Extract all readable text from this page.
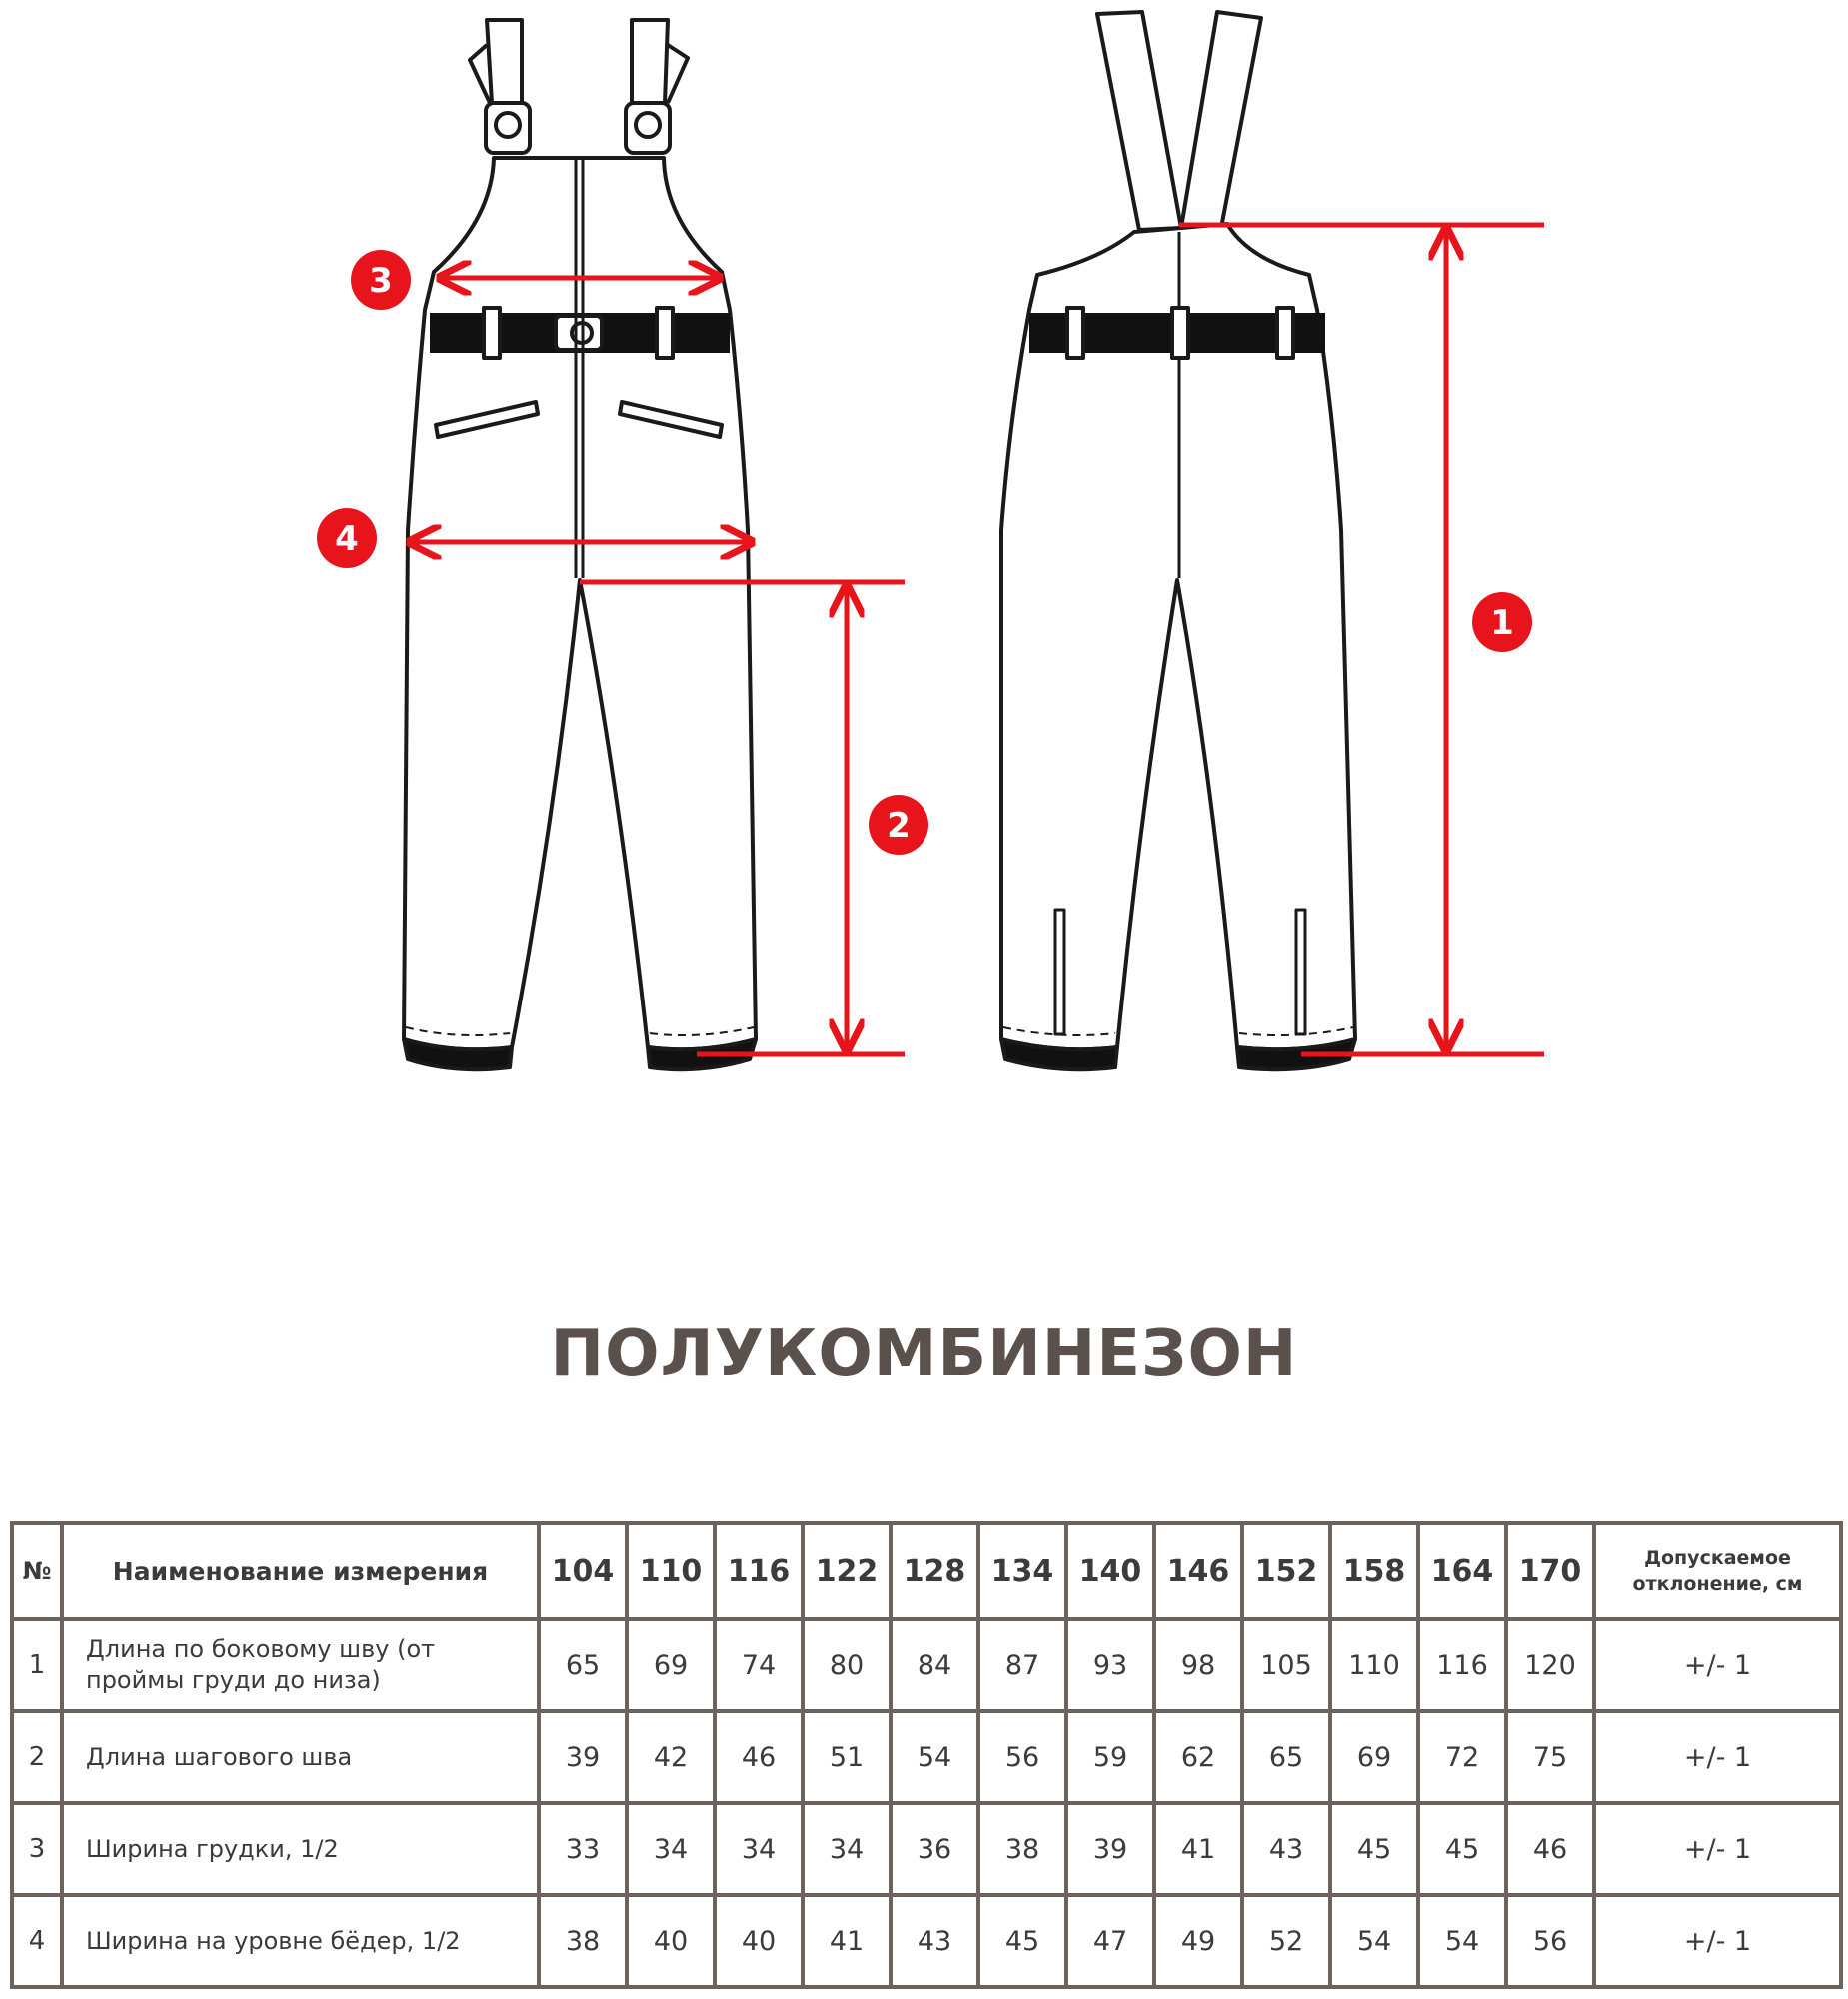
3
4
2
1
ПОЛУКОМБИНЕЗОН
№	Наименование измерения	104	110	116	122	128	134	140	146	152	158	164	170	Допускаемое отклонение, см
1	Длина по боковому шву (от проймы груди до низа)	65	69	74	80	84	87	93	98	105	110	116	120	+/- 1
2	Длина шагового шва	39	42	46	51	54	56	59	62	65	69	72	75	+/- 1
3	Ширина грудки, 1/2	33	34	34	34	36	38	39	41	43	45	45	46	+/- 1
4	Ширина на уровне бёдер, 1/2	38	40	40	41	43	45	47	49	52	54	54	56	+/- 1
